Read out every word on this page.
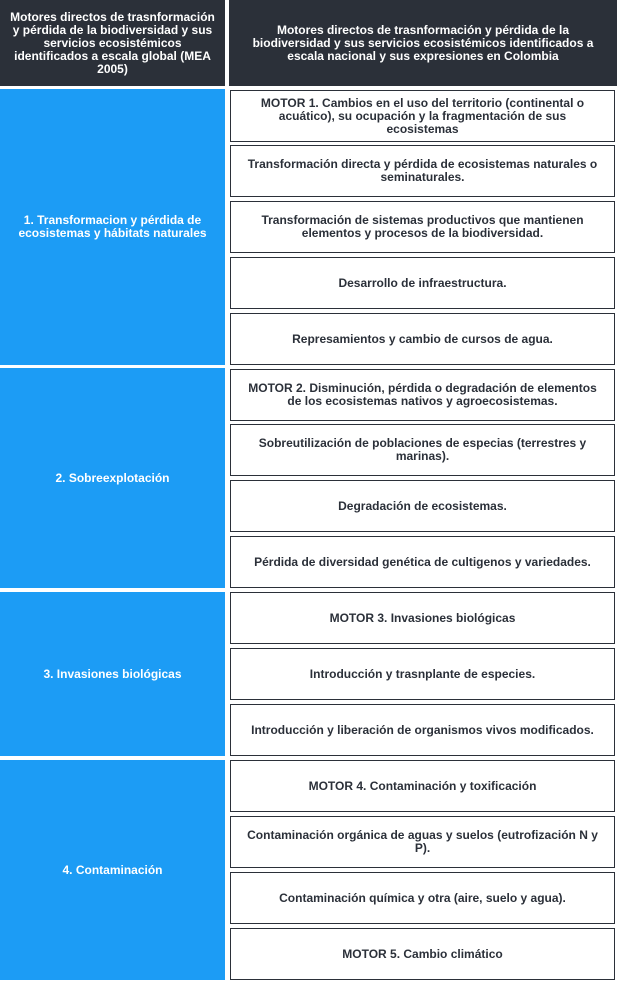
Motores directos de trasnformación y pérdida de la biodiversidad y sus servicios ecosistémicos identificados a escala global (MEA 2005)
Motores directos de trasnformación y pérdida de la biodiversidad y sus servicios ecosistémicos identificados a escala nacional y sus expresiones en Colombia
1. Transformacion y pérdida de ecosistemas y hábitats naturales
2. Sobreexplotación
3. Invasiones biológicas
4. Contaminación
MOTOR 1. Cambios en el uso del territorio (continental o acuático), su ocupación y la fragmentación de sus ecosistemas
Transformación directa y pérdida de ecosistemas naturales o seminaturales.
Transformación de sistemas productivos que mantienen elementos y procesos de la biodiversidad.
Desarrollo de infraestructura.
Represamientos y cambio de cursos de agua.
MOTOR 2. Disminución, pérdida o degradación de elementos de los ecosistemas nativos y agroecosistemas.
Sobreutilización de poblaciones de especias (terrestres y marinas).
Degradación de ecosistemas.
Pérdida de diversidad genética de cultigenos y variedades.
MOTOR 3. Invasiones biológicas
Introducción y trasnplante de especies.
Introducción y liberación de organismos vivos modificados.
MOTOR 4. Contaminación y toxificación
Contaminación orgánica de aguas y suelos (eutrofización N y P).
Contaminación química y otra (aire, suelo y agua).
MOTOR 5. Cambio climático
